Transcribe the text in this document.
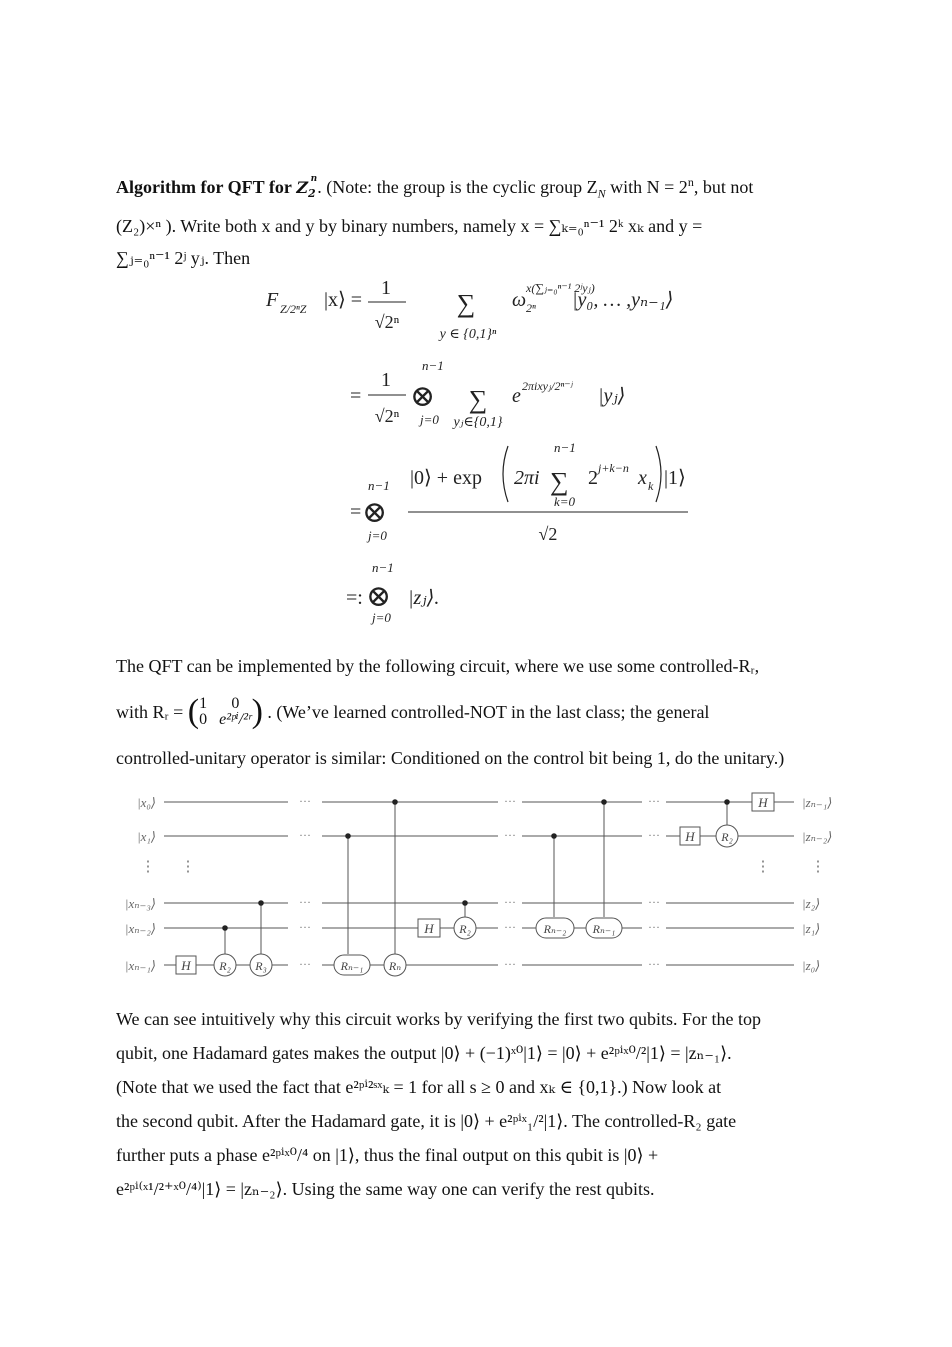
Algorithm for QFT for $Z_2^n$. (Note: the group is the cyclic group $Z_N$ with $N = 2^n$, but not
(Z₂)×ⁿ ). Write both x and y by binary numbers, namely x = ∑ₖ₌₀ⁿ⁻¹ 2ᵏ xₖ and y =
∑ⱼ₌₀ⁿ⁻¹ 2ʲ yⱼ. Then
F Z/2ⁿZ |x⟩ =
1
√2ⁿ
∑
y ∈ {0,1}ⁿ
ω 2ⁿ
x(∑ⱼ₌₀ⁿ⁻¹ 2ʲyⱼ)
|y₀, … ,yₙ₋₁⟩
=
1
√2ⁿ
n−1
⊗
j=0
∑
yⱼ∈{0,1}
e 2πixyⱼ/2ⁿ⁻ʲ |yⱼ⟩
=
n−1
⊗
j=0
|0⟩ + exp 2πi
n−1
∑
k=0
2 j+k−n x k |1⟩
√2
=:
n−1
⊗
j=0
|zⱼ⟩.
The QFT can be implemented by the following circuit, where we use some controlled-Rᵣ,
with Rᵣ = ( 1	0
0 e²ᵖⁱ/²ʳ ) . (We’ve learned controlled-NOT in the last class; the general
controlled-unitary operator is similar: Conditioned on the control bit being 1, do the unitary.)
H
H
H
H
R₂ R₃	Rₙ₋₁ Rₙ
R₂	Rₙ₋₂ Rₙ₋₁
R₂
|x₀⟩
|x₁⟩
|xₙ₋₃⟩
|xₙ₋₂⟩
|xₙ₋₁⟩
|zₙ₋₁⟩
|zₙ₋₂⟩
|z₂⟩
|z₁⟩
|z₀⟩
⋮ ⋮	⋮	⋮
···	···	···
···	···	···
···	···	···
···	···	···
···	···	···
We can see intuitively why this circuit works by verifying the first two qubits. For the top
qubit, one Hadamard gates makes the output |0⟩ + (−1)ˣ⁰|1⟩ = |0⟩ + e²ᵖⁱˣ⁰/²|1⟩ = |zₙ₋₁⟩.
(Note that we used the fact that e²ᵖⁱ²ˢˣₖ = 1 for all s ≥ 0 and xₖ ∈ {0,1}.) Now look at
the second qubit. After the Hadamard gate, it is |0⟩ + e²ᵖⁱˣ₁/²|1⟩. The controlled-R₂ gate
further puts a phase e²ᵖⁱˣ⁰/⁴ on |1⟩, thus the final output on this qubit is |0⟩ +
e²ᵖⁱ⁽ˣ¹/²⁺ˣ⁰/⁴⁾|1⟩ = |zₙ₋₂⟩. Using the same way one can verify the rest qubits.
